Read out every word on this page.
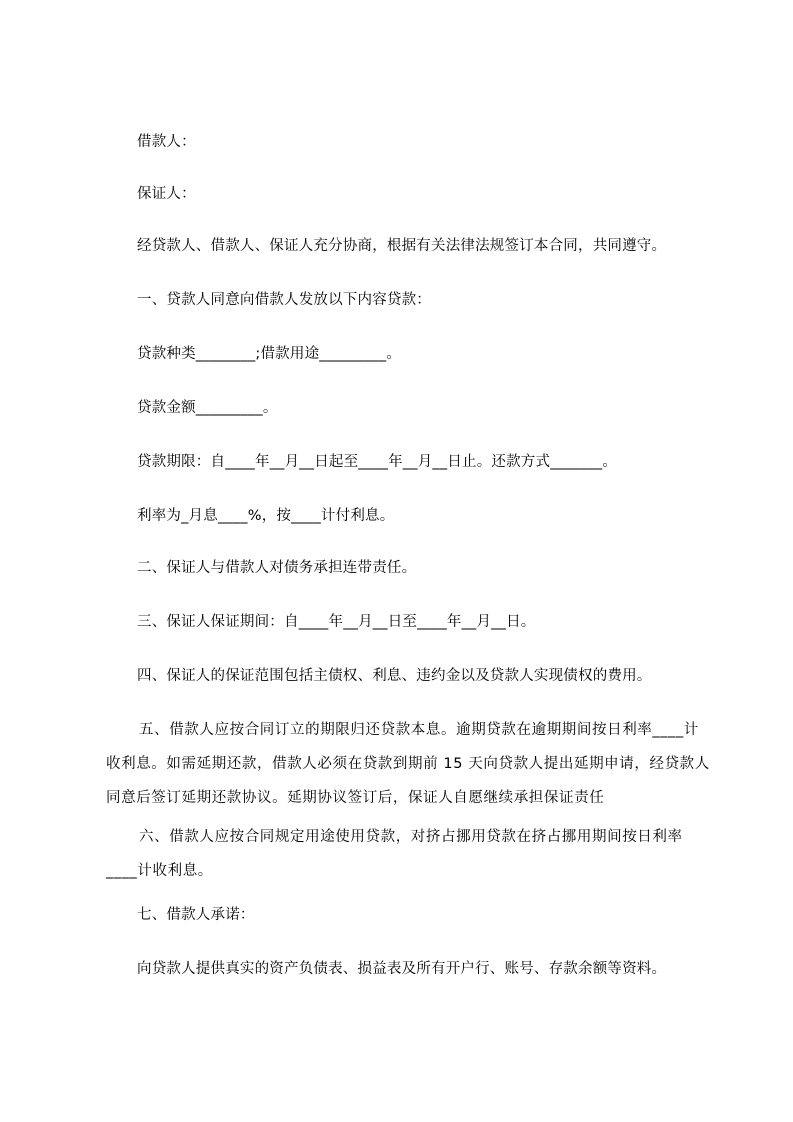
借款人：
保证人：
经贷款人、借款人、保证人充分协商，根据有关法律法规签订本合同，共同遵守。
一、贷款人同意向借款人发放以下内容贷款：
贷款种类________;借款用途_________。
贷款金额_________。
贷款期限：自____年__月__日起至____年__月__日止。还款方式_______。
利率为_月息____%，按____计付利息。
二、保证人与借款人对债务承担连带责任。
三、保证人保证期间：自____年__月__日至____年__月__日。
四、保证人的保证范围包括主债权、利息、违约金以及贷款人实现债权的费用。
五、借款人应按合同订立的期限归还贷款本息。逾期贷款在逾期期间按日利率____计收利息。如需延期还款，借款人必须在贷款到期前 15 天向贷款人提出延期申请，经贷款人同意后签订延期还款协议。延期协议签订后，保证人自愿继续承担保证责任
六、借款人应按合同规定用途使用贷款，对挤占挪用贷款在挤占挪用期间按日利率____计收利息。
七、借款人承诺：
向贷款人提供真实的资产负债表、损益表及所有开户行、账号、存款余额等资料。
